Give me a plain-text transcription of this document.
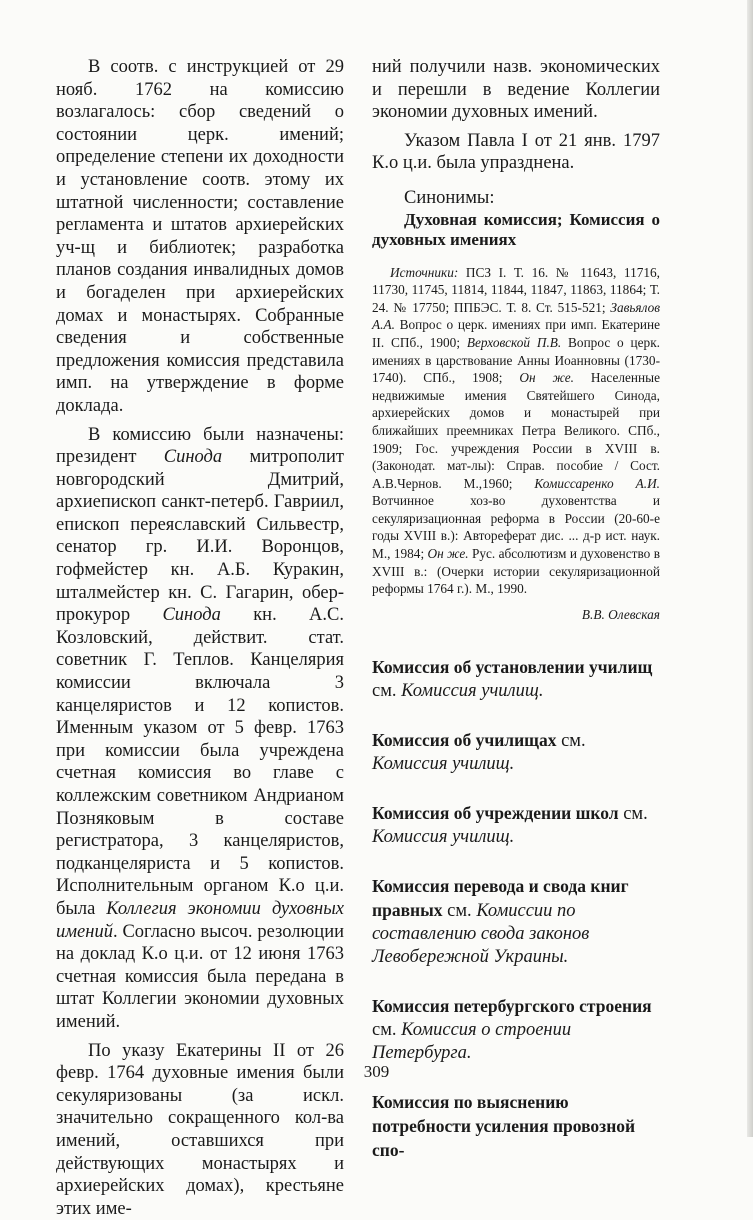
В соотв. с инструкцией от 29 нояб. 1762 на комиссию возлагалось: сбор сведений о состоянии церк. имений; определение степени их доходности и установление соотв. этому их штатной численности; составление регламента и штатов архиерейских уч-щ и библиотек; разработка планов создания инвалидных домов и богаделен при архиерейских домах и монастырях. Собранные сведения и собственные предложения комиссия представила имп. на утверждение в форме доклада.

В комиссию были назначены: президент Синода митрополит новгородский Дмитрий, архиепископ санкт-петерб. Гавриил, епископ переяславский Сильвестр, сенатор гр. И.И. Воронцов, гофмейстер кн. А.Б. Куракин, шталмейстер кн. С. Гагарин, обер-прокурор Синода кн. А.С. Козловский, действит. стат. советник Г. Теплов. Канцелярия комиссии включала 3 канцеляристов и 12 копистов. Именным указом от 5 февр. 1763 при комиссии была учреждена счетная комиссия во главе с коллежским советником Андрианом Позняковым в составе регистратора, 3 канцеляристов, подканцеляриста и 5 копистов. Исполнительным органом К.о ц.и. была Коллегия экономии духовных имений. Согласно высоч. резолюции на доклад К.о ц.и. от 12 июня 1763 счетная комиссия была передана в штат Коллегии экономии духовных имений.

По указу Екатерины II от 26 февр. 1764 духовные имения были секуляризованы (за искл. значительно сокращенного кол-ва имений, оставшихся при действующих монастырях и архиерейских домах), крестьяне этих име-

ний получили назв. экономических и перешли в ведение Коллегии экономии духовных имений.

Указом Павла I от 21 янв. 1797 К.о ц.и. была упразднена.

Синонимы:

Духовная комиссия; Комиссия о духовных имениях

Источники: ПСЗ I. Т. 16. № 11643, 11716, 11730, 11745, 11814, 11844, 11847, 11863, 11864; Т. 24. № 17750; ППБЭС. Т. 8. Ст. 515-521; Завьялов А.А. Вопрос о церк. имениях при имп. Екатерине II. СПб., 1900; Верховской П.В. Вопрос о церк. имениях в царствование Анны Иоанновны (1730-1740). СПб., 1908; Он же. Населенные недвижимые имения Святейшего Синода, архиерейских домов и монастырей при ближайших преемниках Петра Великого. СПб., 1909; Гос. учреждения России в XVIII в. (Законодат. мат-лы): Справ. пособие / Сост. А.В.Чернов. М.,1960; Комиссаренко А.И. Вотчинное хоз-во духовентства и секуляризационная реформа в России (20-60-е годы XVIII в.): Автореферат дис. ... д-р ист. наук. М., 1984; Он же. Рус. абсолютизм и духовенство в XVIII в.: (Очерки истории секуляризационной реформы 1764 г.). М., 1990.

В.В. Олевская

Комиссия об установлении училищ см. Комиссия училищ.

Комиссия об училищах см. Комиссия училищ.

Комиссия об учреждении школ см. Комиссия училищ.

Комиссия перевода и свода книг правных см. Комиссии по составлению свода законов Левобережной Украины.

Комиссия петербургского строения см. Комиссия о строении Петербурга.

Комиссия по выяснению потребности усиления провозной спо-

309
